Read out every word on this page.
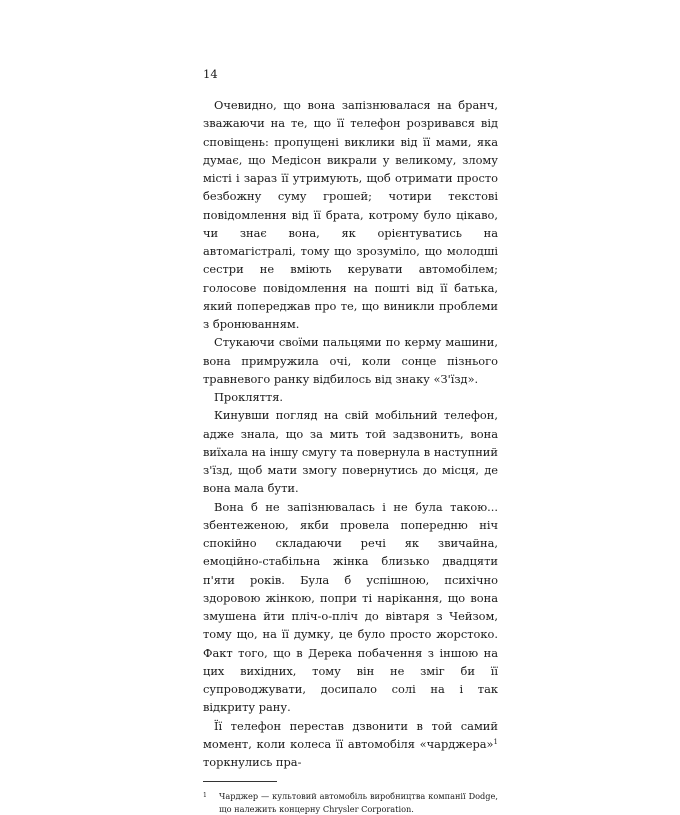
14

Очевидно, що вона запізнювалася на бранч, зважаючи на те, що її телефон розривався від сповіщень: пропущені виклики від її мами, яка думає, що Медісон викрали у великому, злому місті і зараз її утримують, щоб отримати просто безбожну суму грошей; чотири текстові повідомлення від її брата, котрому було цікаво, чи знає вона, як орієнтуватись на автомагістралі, тому що зрозуміло, що молодші сестри не вміють керувати автомобілем; голосове повідомлення на пошті від її батька, який попереджав про те, що виникли проблеми з бронюванням.

Стукаючи своїми пальцями по керму машини, вона примружила очі, коли сонце пізнього травневого ранку відбилось від знаку «З'їзд».

Прокляття.

Кинувши погляд на свій мобільний телефон, адже знала, що за мить той задзвонить, вона виїхала на іншу смугу та повернула в наступний з'їзд, щоб мати змогу повернутись до місця, де вона мала бути.

Вона б не запізнювалась і не була такою... збентеженою, якби провела попередню ніч спокійно складаючи речі як звичайна, емоційно-стабільна жінка близько двадцяти п'яти років. Була б успішною, психічно здоровою жінкою, попри ті нарікання, що вона змушена йти пліч-о-пліч до вівтаря з Чейзом, тому що, на її думку, це було просто жорстоко. Факт того, що в Дерека побачення з іншою на цих вихідних, тому він не зміг би її супроводжувати, досипало солі на і так відкриту рану.

Її телефон перестав дзвонити в той самий момент, коли колеса її автомобіля «чарджера»$^1$ торкнулись пра-

1	Чарджер — культовий автомобіль виробництва компанії Dodge, що належить концерну Chrysler Corporation.
